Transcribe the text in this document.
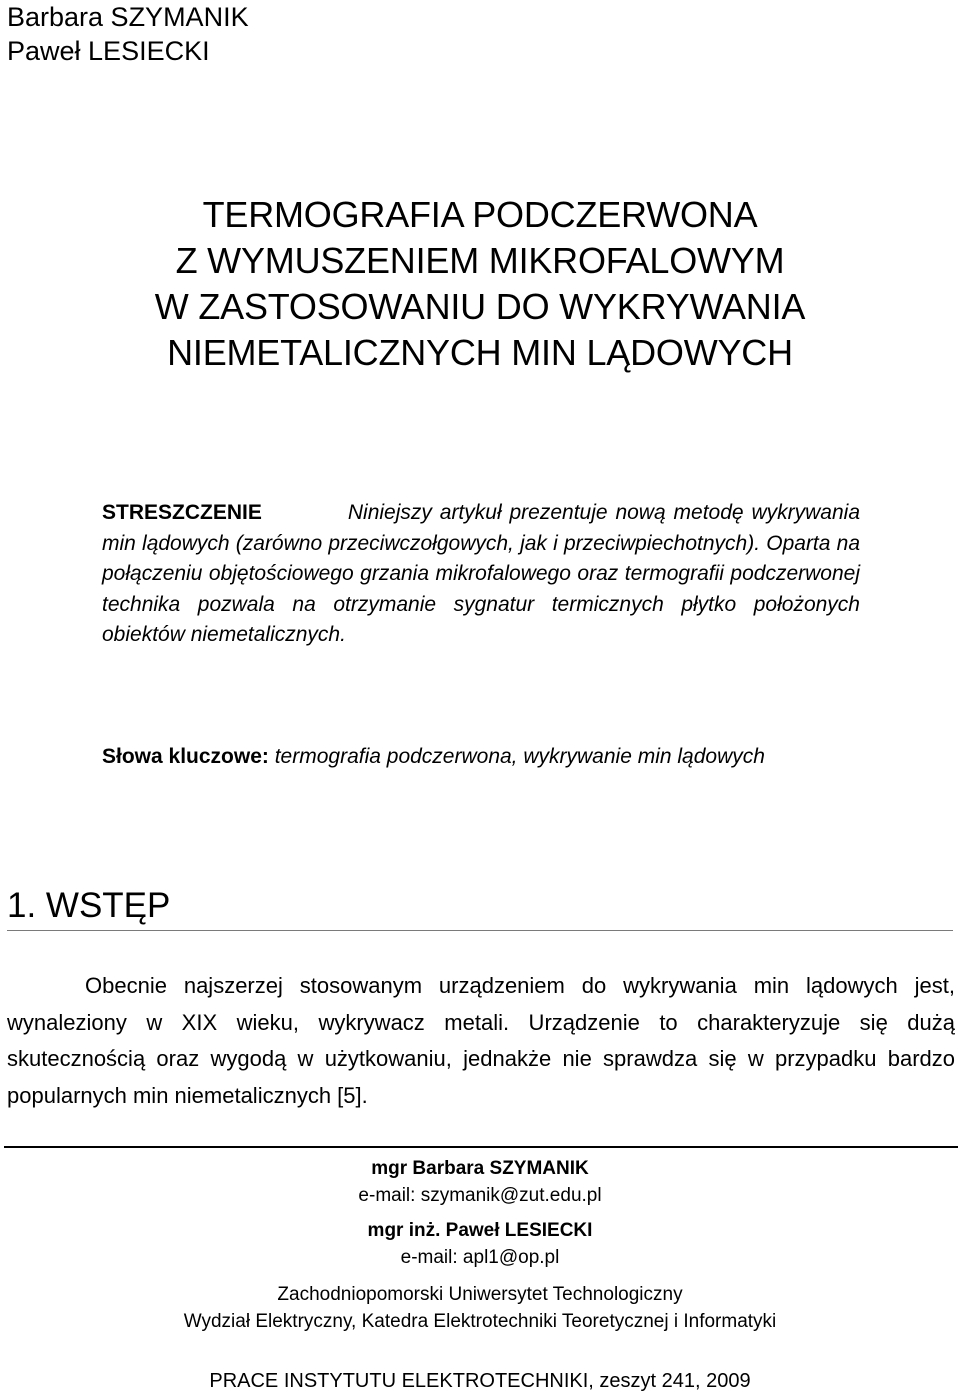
Barbara SZYMANIK
Paweł LESIECKI
TERMOGRAFIA PODCZERWONA
Z WYMUSZENIEM MIKROFALOWYM
W ZASTOSOWANIU DO WYKRYWANIA
NIEMETALICZNYCH MIN LĄDOWYCH
STRESZCZENIE	Niniejszy artykuł prezentuje nową metodę wykrywania min lądowych (zarówno przeciwczołgowych, jak i przeciwpiechotnych). Oparta na połączeniu objętościowego grzania mikrofalowego oraz termografii podczerwonej technika pozwala na otrzymanie sygnatur termicznych płytko położonych obiektów niemetalicznych.
Słowa kluczowe: termografia podczerwona, wykrywanie min lądowych
1. WSTĘP
Obecnie najszerzej stosowanym urządzeniem do wykrywania min lądowych jest, wynaleziony w XIX wieku, wykrywacz metali. Urządzenie to charakteryzuje się dużą skutecznością oraz wygodą w użytkowaniu, jednakże nie sprawdza się w przypadku bardzo popularnych min niemetalicznych [5].
mgr Barbara SZYMANIK
e-mail: szymanik@zut.edu.pl
mgr inż. Paweł LESIECKI
e-mail: apl1@op.pl
Zachodniopomorski Uniwersytet Technologiczny
Wydział Elektryczny, Katedra Elektrotechniki Teoretycznej i Informatyki
PRACE INSTYTUTU ELEKTROTECHNIKI, zeszyt 241, 2009
